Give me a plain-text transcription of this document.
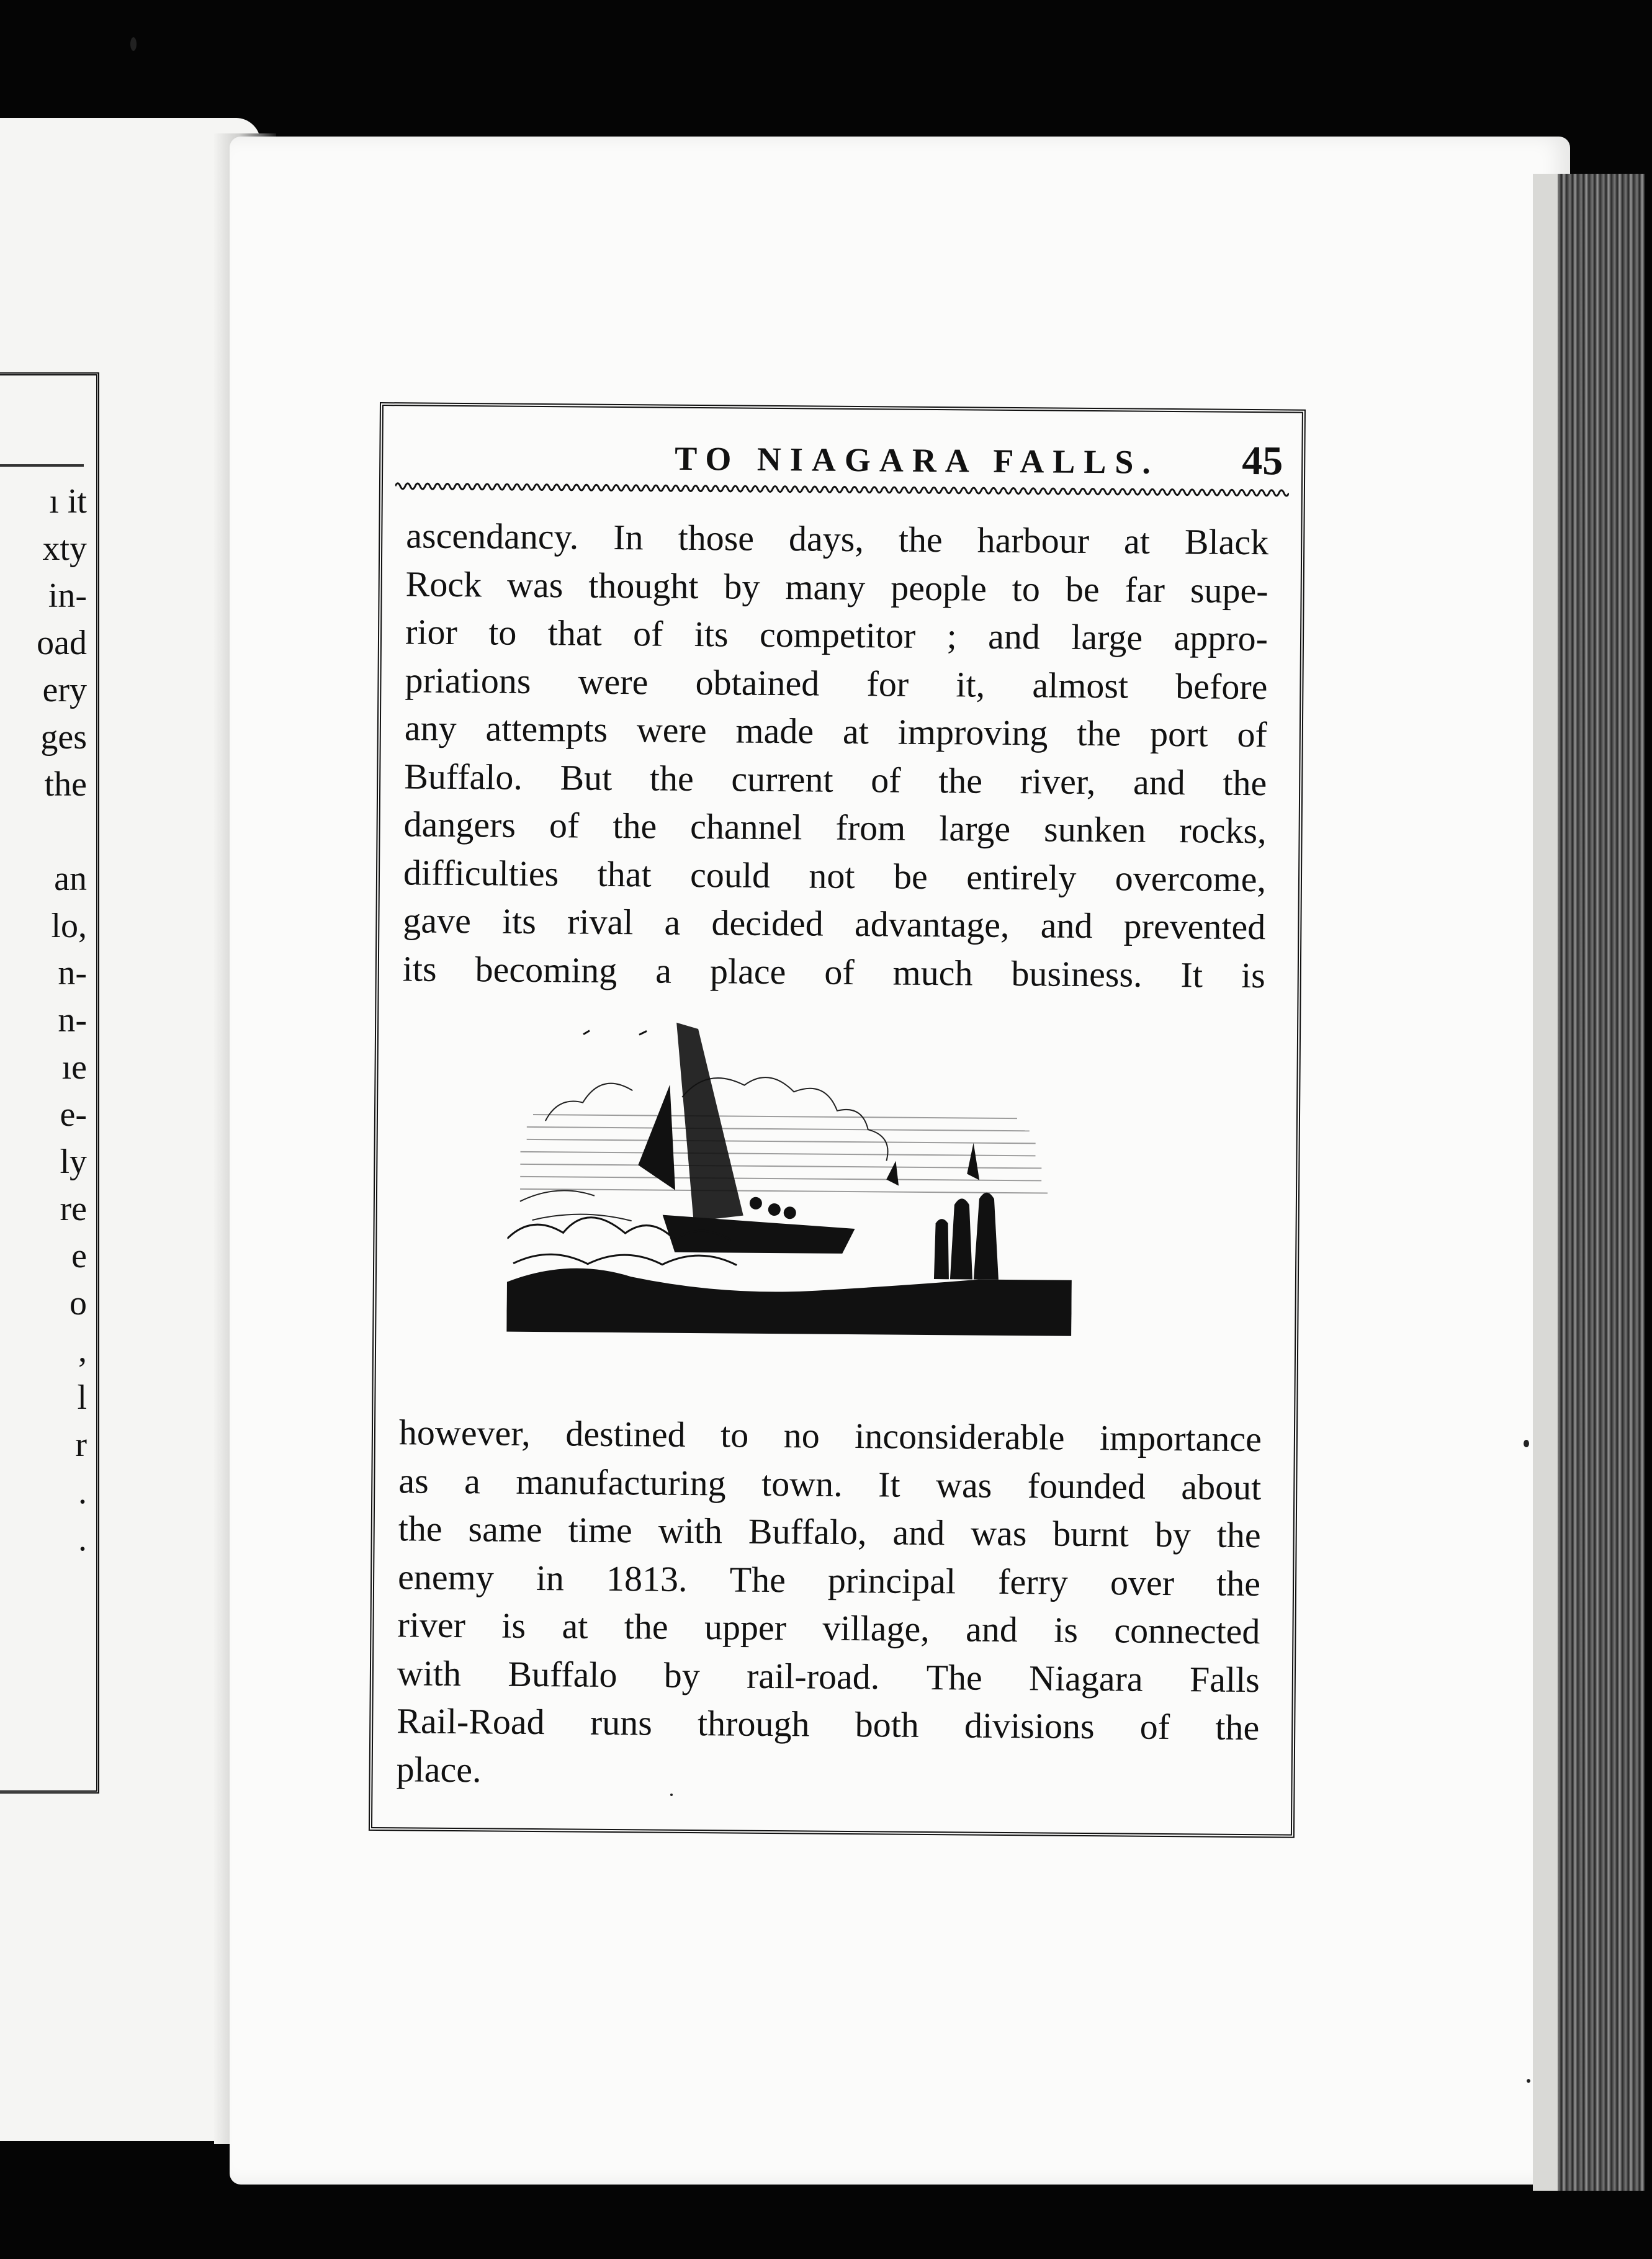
ı it
xty
in-
oad
ery
ges
the
an
lo,
n-
n-
ıe
e-
ly
re
e
o
,
l
r
.
.
TO NIAGARA FALLS. 45
ascendancy. In those days, the harbour at Black
Rock was thought by many people to be far supe-
rior to that of its competitor ; and large appro-
priations were obtained for it, almost before
any attempts were made at improving the port of
Buffalo. But the current of the river, and the
dangers of the channel from large sunken rocks,
difficulties that could not be entirely overcome,
gave its rival a decided advantage, and prevented
its becoming a place of much business. It is
however, destined to no inconsiderable importance
as a manufacturing town. It was founded about
the same time with Buffalo, and was burnt by the
enemy in 1813. The principal ferry over the
river is at the upper village, and is connected
with Buffalo by rail-road. The Niagara Falls
Rail-Road runs through both divisions of the
place.
